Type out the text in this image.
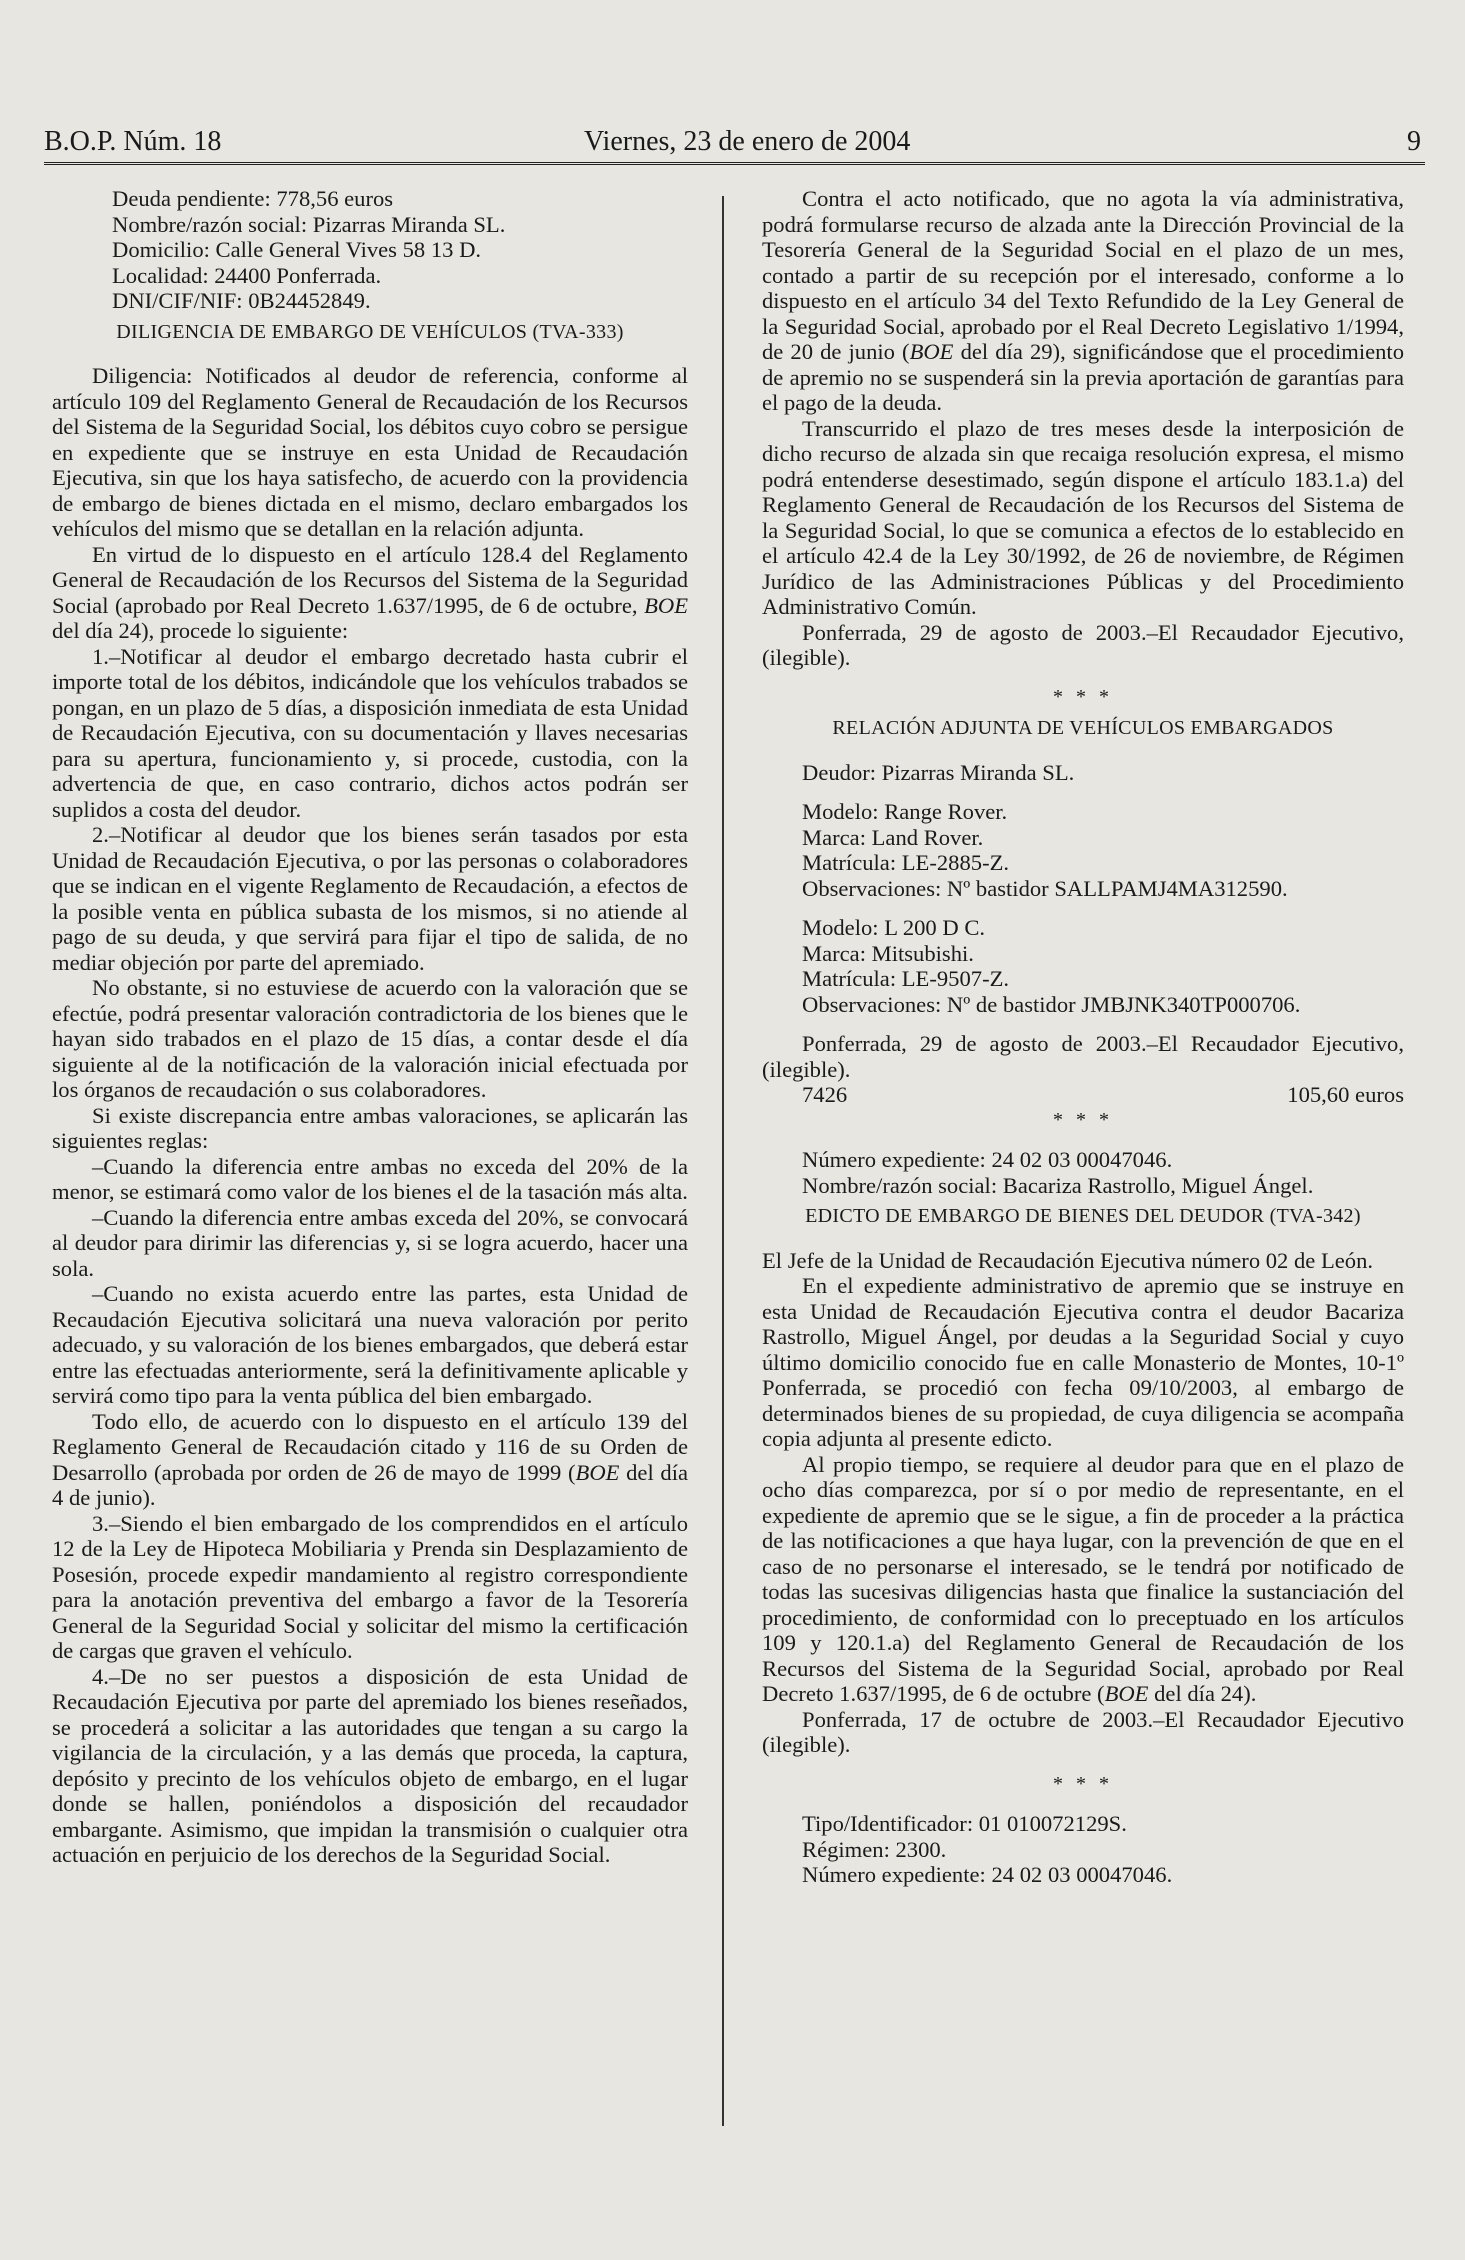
B.O.P. Núm. 18	Viernes, 23 de enero de 2004	9

Deuda pendiente: 778,56 euros

Nombre/razón social: Pizarras Miranda SL.

Domicilio: Calle General Vives 58 13 D.

Localidad: 24400 Ponferrada.

DNI/CIF/NIF: 0B24452849.

DILIGENCIA DE EMBARGO DE VEHÍCULOS (TVA-333)

Diligencia: Notificados al deudor de referencia, conforme al artículo 109 del Reglamento General de Recaudación de los Recursos del Sistema de la Seguridad Social, los débitos cuyo cobro se persigue en expediente que se instruye en esta Unidad de Recaudación Ejecutiva, sin que los haya satisfecho, de acuerdo con la providencia de embargo de bienes dictada en el mismo, declaro embargados los vehículos del mismo que se detallan en la relación adjunta.

En virtud de lo dispuesto en el artículo 128.4 del Reglamento General de Recaudación de los Recursos del Sistema de la Seguridad Social (aprobado por Real Decreto 1.637/1995, de 6 de octubre, BOE del día 24), procede lo siguiente:

1.–Notificar al deudor el embargo decretado hasta cubrir el importe total de los débitos, indicándole que los vehículos trabados se pongan, en un plazo de 5 días, a disposición inmediata de esta Unidad de Recaudación Ejecutiva, con su documentación y llaves necesarias para su apertura, funcionamiento y, si procede, custodia, con la advertencia de que, en caso contrario, dichos actos podrán ser suplidos a costa del deudor.

2.–Notificar al deudor que los bienes serán tasados por esta Unidad de Recaudación Ejecutiva, o por las personas o colaboradores que se indican en el vigente Reglamento de Recaudación, a efectos de la posible venta en pública subasta de los mismos, si no atiende al pago de su deuda, y que servirá para fijar el tipo de salida, de no mediar objeción por parte del apremiado.

No obstante, si no estuviese de acuerdo con la valoración que se efectúe, podrá presentar valoración contradictoria de los bienes que le hayan sido trabados en el plazo de 15 días, a contar desde el día siguiente al de la notificación de la valoración inicial efectuada por los órganos de recaudación o sus colaboradores.

Si existe discrepancia entre ambas valoraciones, se aplicarán las siguientes reglas:

–Cuando la diferencia entre ambas no exceda del 20% de la menor, se estimará como valor de los bienes el de la tasación más alta.

–Cuando la diferencia entre ambas exceda del 20%, se convocará al deudor para dirimir las diferencias y, si se logra acuerdo, hacer una sola.

–Cuando no exista acuerdo entre las partes, esta Unidad de Recaudación Ejecutiva solicitará una nueva valoración por perito adecuado, y su valoración de los bienes embargados, que deberá estar entre las efectuadas anteriormente, será la definitivamente aplicable y servirá como tipo para la venta pública del bien embargado.

Todo ello, de acuerdo con lo dispuesto en el artículo 139 del Reglamento General de Recaudación citado y 116 de su Orden de Desarrollo (aprobada por orden de 26 de mayo de 1999 (BOE del día 4 de junio).

3.–Siendo el bien embargado de los comprendidos en el artículo 12 de la Ley de Hipoteca Mobiliaria y Prenda sin Desplazamiento de Posesión, procede expedir mandamiento al registro correspondiente para la anotación preventiva del embargo a favor de la Tesorería General de la Seguridad Social y solicitar del mismo la certificación de cargas que graven el vehículo.

4.–De no ser puestos a disposición de esta Unidad de Recaudación Ejecutiva por parte del apremiado los bienes reseñados, se procederá a solicitar a las autoridades que tengan a su cargo la vigilancia de la circulación, y a las demás que proceda, la captura, depósito y precinto de los vehículos objeto de embargo, en el lugar donde se hallen, poniéndolos a disposición del recaudador embargante. Asimismo, que impidan la transmisión o cualquier otra actuación en perjuicio de los derechos de la Seguridad Social.

Contra el acto notificado, que no agota la vía administrativa, podrá formularse recurso de alzada ante la Dirección Provincial de la Tesorería General de la Seguridad Social en el plazo de un mes, contado a partir de su recepción por el interesado, conforme a lo dispuesto en el artículo 34 del Texto Refundido de la Ley General de la Seguridad Social, aprobado por el Real Decreto Legislativo 1/1994, de 20 de junio (BOE del día 29), significándose que el procedimiento de apremio no se suspenderá sin la previa aportación de garantías para el pago de la deuda.

Transcurrido el plazo de tres meses desde la interposición de dicho recurso de alzada sin que recaiga resolución expresa, el mismo podrá entenderse desestimado, según dispone el artículo 183.1.a) del Reglamento General de Recaudación de los Recursos del Sistema de la Seguridad Social, lo que se comunica a efectos de lo establecido en el artículo 42.4 de la Ley 30/1992, de 26 de noviembre, de Régimen Jurídico de las Administraciones Públicas y del Procedimiento Administrativo Común.

Ponferrada, 29 de agosto de 2003.–El Recaudador Ejecutivo, (ilegible).

* * *
RELACIÓN ADJUNTA DE VEHÍCULOS EMBARGADOS

Deudor: Pizarras Miranda SL.

Modelo: Range Rover.

Marca: Land Rover.

Matrícula: LE-2885-Z.

Observaciones: Nº bastidor SALLPAMJ4MA312590.

Modelo: L 200 D C.

Marca: Mitsubishi.

Matrícula: LE-9507-Z.

Observaciones: Nº de bastidor JMBJNK340TP000706.

Ponferrada, 29 de agosto de 2003.–El Recaudador Ejecutivo, (ilegible).

7426	105,60 euros
* * *

Número expediente: 24 02 03 00047046.

Nombre/razón social: Bacariza Rastrollo, Miguel Ángel.

EDICTO DE EMBARGO DE BIENES DEL DEUDOR (TVA-342)

El Jefe de la Unidad de Recaudación Ejecutiva número 02 de León.

En el expediente administrativo de apremio que se instruye en esta Unidad de Recaudación Ejecutiva contra el deudor Bacariza Rastrollo, Miguel Ángel, por deudas a la Seguridad Social y cuyo último domicilio conocido fue en calle Monasterio de Montes, 10-1º Ponferrada, se procedió con fecha 09/10/2003, al embargo de determinados bienes de su propiedad, de cuya diligencia se acompaña copia adjunta al presente edicto.

Al propio tiempo, se requiere al deudor para que en el plazo de ocho días comparezca, por sí o por medio de representante, en el expediente de apremio que se le sigue, a fin de proceder a la práctica de las notificaciones a que haya lugar, con la prevención de que en el caso de no personarse el interesado, se le tendrá por notificado de todas las sucesivas diligencias hasta que finalice la sustanciación del procedimiento, de conformidad con lo preceptuado en los artículos 109 y 120.1.a) del Reglamento General de Recaudación de los Recursos del Sistema de la Seguridad Social, aprobado por Real Decreto 1.637/1995, de 6 de octubre (BOE del día 24).

Ponferrada, 17 de octubre de 2003.–El Recaudador Ejecutivo (ilegible).

* * *

Tipo/Identificador: 01 010072129S.

Régimen: 2300.

Número expediente: 24 02 03 00047046.
